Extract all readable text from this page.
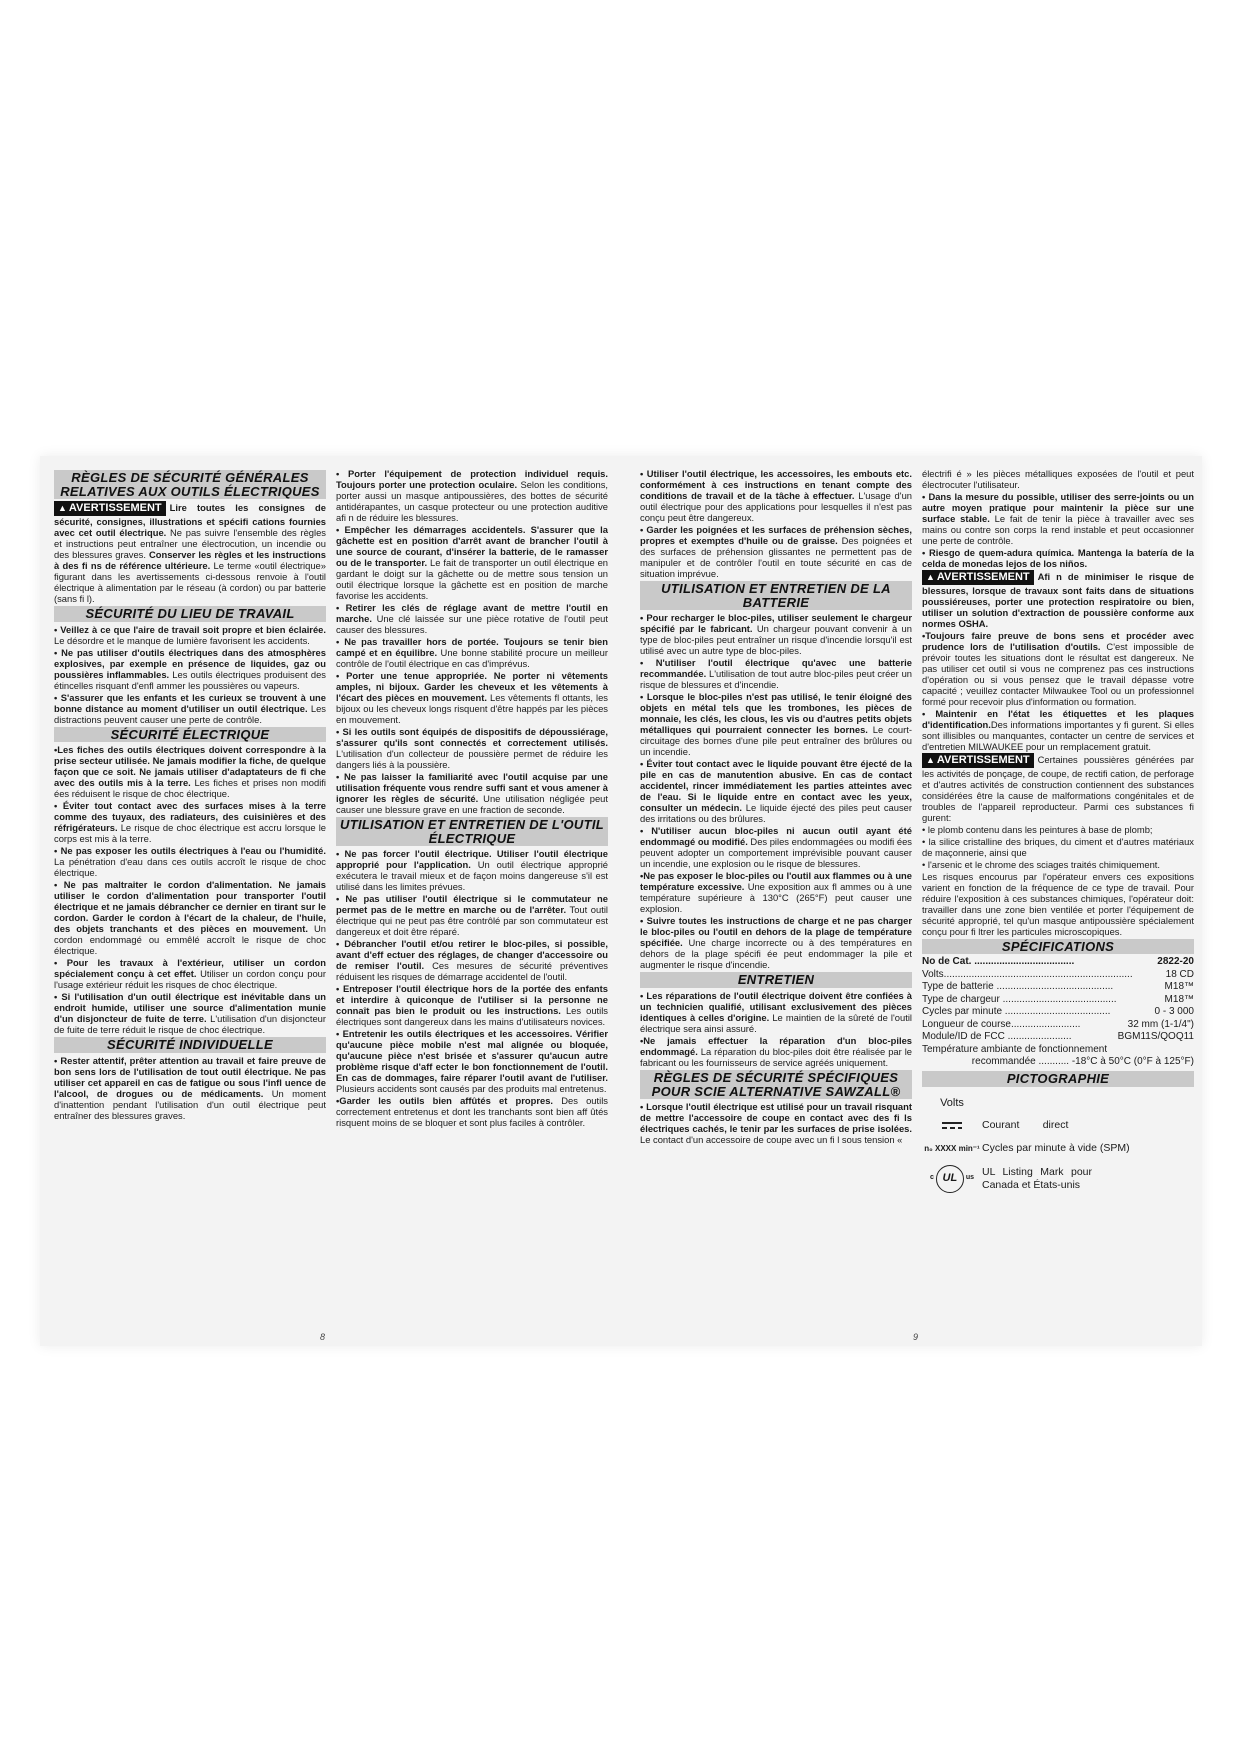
RÈGLES DE SÉCURITÉ GÉNÉRALES RELATIVES AUX OUTILS ÉLECTRIQUES
▲ AVERTISSEMENT Lire toutes les consignes de sécurité, consignes, illustrations et spécifi cations fournies avec cet outil électrique. Ne pas suivre l'ensemble des règles et instructions peut entraîner une électrocution, un incendie ou des blessures graves. Conserver les règles et les instructions à des fi ns de référence ultérieure. Le terme «outil électrique» figurant dans les avertissements ci-dessous renvoie à l'outil électrique à alimentation par le réseau (à cordon) ou par batterie (sans fi l).
SÉCURITÉ DU LIEU DE TRAVAIL
• Veillez à ce que l'aire de travail soit propre et bien éclairée. Le désordre et le manque de lumière favorisent les accidents.
• Ne pas utiliser d'outils électriques dans des atmosphères explosives, par exemple en présence de liquides, gaz ou poussières inflammables. Les outils électriques produisent des étincelles risquant d'enfl ammer les poussières ou vapeurs.
• S'assurer que les enfants et les curieux se trouvent à une bonne distance au moment d'utiliser un outil électrique. Les distractions peuvent causer une perte de contrôle.
SÉCURITÉ ÉLECTRIQUE
•Les fiches des outils électriques doivent correspondre à la prise secteur utilisée. Ne jamais modifier la fiche, de quelque façon que ce soit. Ne jamais utiliser d'adaptateurs de fi che avec des outils mis à la terre. Les fiches et prises non modifi ées réduisent le risque de choc électrique.
• Éviter tout contact avec des surfaces mises à la terre comme des tuyaux, des radiateurs, des cuisinières et des réfrigérateurs. Le risque de choc électrique est accru lorsque le corps est mis à la terre.
• Ne pas exposer les outils électriques à l'eau ou l'humidité. La pénétration d'eau dans ces outils accroît le risque de choc électrique.
• Ne pas maltraiter le cordon d'alimentation. Ne jamais utiliser le cordon d'alimentation pour transporter l'outil électrique et ne jamais débrancher ce dernier en tirant sur le cordon. Garder le cordon à l'écart de la chaleur, de l'huile, des objets tranchants et des pièces en mouvement. Un cordon endommagé ou emmêlé accroît le risque de choc électrique.
• Pour les travaux à l'extérieur, utiliser un cordon spécialement conçu à cet effet. Utiliser un cordon conçu pour l'usage extérieur réduit les risques de choc électrique.
• Si l'utilisation d'un outil électrique est inévitable dans un endroit humide, utiliser une source d'alimentation munie d'un disjoncteur de fuite de terre. L'utilisation d'un disjoncteur de fuite de terre réduit le risque de choc électrique.
SÉCURITÉ INDIVIDUELLE
• Rester attentif, prêter attention au travail et faire preuve de bon sens lors de l'utilisation de tout outil électrique. Ne pas utiliser cet appareil en cas de fatigue ou sous l'infl uence de l'alcool, de drogues ou de médicaments. Un moment d'inattention pendant l'utilisation d'un outil électrique peut entraîner des blessures graves.
• Porter l'équipement de protection individuel requis. Toujours porter une protection oculaire. Selon les conditions, porter aussi un masque antipoussières, des bottes de sécurité antidérapantes, un casque protecteur ou une protection auditive afi n de réduire les blessures.
• Empêcher les démarrages accidentels. S'assurer que la gâchette est en position d'arrêt avant de brancher l'outil à une source de courant, d'insérer la batterie, de le ramasser ou de le transporter. Le fait de transporter un outil électrique en gardant le doigt sur la gâchette ou de mettre sous tension un outil électrique lorsque la gâchette est en position de marche favorise les accidents.
• Retirer les clés de réglage avant de mettre l'outil en marche. Une clé laissée sur une pièce rotative de l'outil peut causer des blessures.
• Ne pas travailler hors de portée. Toujours se tenir bien campé et en équilibre. Une bonne stabilité procure un meilleur contrôle de l'outil électrique en cas d'imprévus.
• Porter une tenue appropriée. Ne porter ni vêtements amples, ni bijoux. Garder les cheveux et les vêtements à l'écart des pièces en mouvement. Les vêtements fl ottants, les bijoux ou les cheveux longs risquent d'être happés par les pièces en mouvement.
• Si les outils sont équipés de dispositifs de dépoussiérage, s'assurer qu'ils sont connectés et correctement utilisés. L'utilisation d'un collecteur de poussière permet de réduire les dangers liés à la poussière.
• Ne pas laisser la familiarité avec l'outil acquise par une utilisation fréquente vous rendre suffi sant et vous amener à ignorer les règles de sécurité. Une utilisation négligée peut causer une blessure grave en une fraction de seconde.
UTILISATION ET ENTRETIEN DE L'OUTIL ÉLECTRIQUE
• Ne pas forcer l'outil électrique. Utiliser l'outil électrique approprié pour l'application. Un outil électrique approprié exécutera le travail mieux et de façon moins dangereuse s'il est utilisé dans les limites prévues.
• Ne pas utiliser l'outil électrique si le commutateur ne permet pas de le mettre en marche ou de l'arrêter. Tout outil électrique qui ne peut pas être contrôlé par son commutateur est dangereux et doit être réparé.
• Débrancher l'outil et/ou retirer le bloc-piles, si possible, avant d'eff ectuer des réglages, de changer d'accessoire ou de remiser l'outil. Ces mesures de sécurité préventives réduisent les risques de démarrage accidentel de l'outil.
• Entreposer l'outil électrique hors de la portée des enfants et interdire à quiconque de l'utiliser si la personne ne connaît pas bien le produit ou les instructions. Les outils électriques sont dangereux dans les mains d'utilisateurs novices.
• Entretenir les outils électriques et les accessoires. Vérifier qu'aucune pièce mobile n'est mal alignée ou bloquée, qu'aucune pièce n'est brisée et s'assurer qu'aucun autre problème risque d'aff ecter le bon fonctionnement de l'outil. En cas de dommages, faire réparer l'outil avant de l'utiliser. Plusieurs accidents sont causés par des produits mal entretenus.
•Garder les outils bien affûtés et propres. Des outils correctement entretenus et dont les tranchants sont bien aff ûtés risquent moins de se bloquer et sont plus faciles à contrôler.
8
• Utiliser l'outil électrique, les accessoires, les embouts etc. conformément à ces instructions en tenant compte des conditions de travail et de la tâche à effectuer. L'usage d'un outil électrique pour des applications pour lesquelles il n'est pas conçu peut être dangereux.
• Garder les poignées et les surfaces de préhension sèches, propres et exemptes d'huile ou de graisse. Des poignées et des surfaces de préhension glissantes ne permettent pas de manipuler et de contrôler l'outil en toute sécurité en cas de situation imprévue.
UTILISATION ET ENTRETIEN DE LA BATTERIE
• Pour recharger le bloc-piles, utiliser seulement le chargeur spécifié par le fabricant. Un chargeur pouvant convenir à un type de bloc-piles peut entraîner un risque d'incendie lorsqu'il est utilisé avec un autre type de bloc-piles.
• N'utiliser l'outil électrique qu'avec une batterie recommandée. L'utilisation de tout autre bloc-piles peut créer un risque de blessures et d'incendie.
• Lorsque le bloc-piles n'est pas utilisé, le tenir éloigné des objets en métal tels que les trombones, les pièces de monnaie, les clés, les clous, les vis ou d'autres petits objets métalliques qui pourraient connecter les bornes. Le court-circuitage des bornes d'une pile peut entraîner des brûlures ou un incendie.
• Éviter tout contact avec le liquide pouvant être éjecté de la pile en cas de manutention abusive. En cas de contact accidentel, rincer immédiatement les parties atteintes avec de l'eau. Si le liquide entre en contact avec les yeux, consulter un médecin. Le liquide éjecté des piles peut causer des irritations ou des brûlures.
• N'utiliser aucun bloc-piles ni aucun outil ayant été endommagé ou modifié. Des piles endommagées ou modifi ées peuvent adopter un comportement imprévisible pouvant causer un incendie, une explosion ou le risque de blessures.
•Ne pas exposer le bloc-piles ou l'outil aux flammes ou à une température excessive. Une exposition aux fl ammes ou à une température supérieure à 130°C (265°F) peut causer une explosion.
• Suivre toutes les instructions de charge et ne pas charger le bloc-piles ou l'outil en dehors de la plage de température spécifiée. Une charge incorrecte ou à des températures en dehors de la plage spécifi ée peut endommager la pile et augmenter le risque d'incendie.
ENTRETIEN
• Les réparations de l'outil électrique doivent être confiées à un technicien qualifié, utilisant exclusivement des pièces identiques à celles d'origine. Le maintien de la sûreté de l'outil électrique sera ainsi assuré.
•Ne jamais effectuer la réparation d'un bloc-piles endommagé. La réparation du bloc-piles doit être réalisée par le fabricant ou les fournisseurs de service agréés uniquement.
RÈGLES DE SÉCURITÉ SPÉCIFIQUES POUR SCIE ALTERNATIVE SAWZALL®
• Lorsque l'outil électrique est utilisé pour un travail risquant de mettre l'accessoire de coupe en contact avec des fi ls électriques cachés, le tenir par les surfaces de prise isolées. Le contact d'un accessoire de coupe avec un fi l sous tension «
électrifi é » les pièces métalliques exposées de l'outil et peut électrocuter l'utilisateur.
• Dans la mesure du possible, utiliser des serre-joints ou un autre moyen pratique pour maintenir la pièce sur une surface stable. Le fait de tenir la pièce à travailler avec ses mains ou contre son corps la rend instable et peut occasionner une perte de contrôle.
• Riesgo de quem-adura química. Mantenga la batería de la celda de monedas lejos de los niños.
▲ AVERTISSEMENT Afi n de minimiser le risque de blessures, lorsque de travaux sont faits dans de situations poussiéreuses, porter une protection respiratoire ou bien, utiliser un solution d'extraction de poussière conforme aux normes OSHA.
•Toujours faire preuve de bons sens et procéder avec prudence lors de l'utilisation d'outils. C'est impossible de prévoir toutes les situations dont le résultat est dangereux. Ne pas utiliser cet outil si vous ne comprenez pas ces instructions d'opération ou si vous pensez que le travail dépasse votre capacité ; veuillez contacter Milwaukee Tool ou un professionnel formé pour recevoir plus d'information ou formation.
• Maintenir en l'état les étiquettes et les plaques d'identification.Des informations importantes y fi gurent. Si elles sont illisibles ou manquantes, contacter un centre de services et d'entretien MILWAUKEE pour un remplacement gratuit.
▲ AVERTISSEMENT Certaines poussières générées par les activités de ponçage, de coupe, de rectifi cation, de perforage et d'autres activités de construction contiennent des substances considérées être la cause de malformations congénitales et de troubles de l'appareil reproducteur. Parmi ces substances fi gurent:
• le plomb contenu dans les peintures à base de plomb;
• la silice cristalline des briques, du ciment et d'autres matériaux de maçonnerie, ainsi que
• l'arsenic et le chrome des sciages traités chimiquement.
Les risques encourus par l'opérateur envers ces expositions varient en fonction de la fréquence de ce type de travail. Pour réduire l'exposition à ces substances chimiques, l'opérateur doit: travailler dans une zone bien ventilée et porter l'équipement de sécurité approprié, tel qu'un masque antipoussière spécialement conçu pour fi ltrer les particules microscopiques.
SPÉCIFICATIONS
No de Cat. ....................................	2822-20
Volts....................................................................	18 CD
Type de batterie ..........................................	M18™
Type de chargeur .........................................	M18™
Cycles par minute ......................................	0 - 3 000
Longueur de course.........................	32 mm (1-1/4")
Module/ID de FCC .......................	BGM11S/QOQ11
Température ambiante de fonctionnement
recommandée ........... -18°C à 50°C (0°F à 125°F)
PICTOGRAPHIE
Volts
Courant        direct
n₀ XXXX min⁻¹ Cycles par minute à vide (SPM)
c UL	us UL Listing Mark pour Canada et États-unis
9
